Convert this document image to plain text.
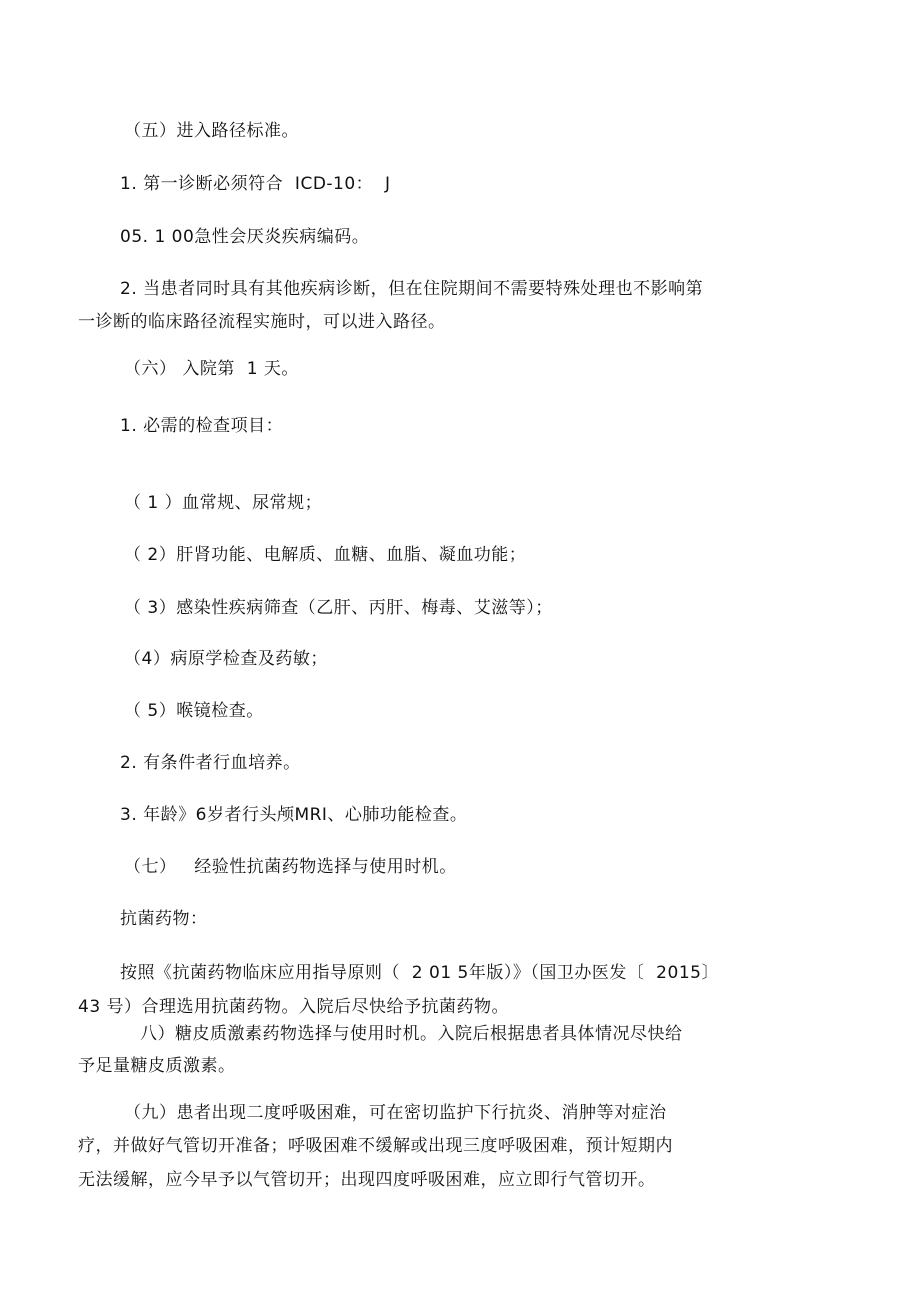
（五）进入路径标准。

1. 第一诊断必须符合  ICD-10：  J

05. 1 00急性会厌炎疾病编码。

2. 当患者同时具有其他疾病诊断，但在住院期间不需要特殊处理也不影响第

一诊断的临床路径流程实施时，可以进入路径。

（六） 入院第  1 天。

1. 必需的检查项目：

（ 1 ）血常规、尿常规；

（ 2）肝肾功能、电解质、血糖、血脂、凝血功能；

（ 3）感染性疾病筛查（乙肝、丙肝、梅毒、艾滋等）；

（4）病原学检查及药敏；

（ 5）喉镜检查。

2. 有条件者行血培养。

3. 年龄》6岁者行头颅MRI、心肺功能检查。

（七）   经验性抗菌药物选择与使用时机。

抗菌药物：

按照《抗菌药物临床应用指导原则（  2 01 5年版）》（国卫办医发〔  2015〕

43 号）合理选用抗菌药物。入院后尽快给予抗菌药物。

八）糖皮质激素药物选择与使用时机。入院后根据患者具体情况尽快给

予足量糖皮质激素。

（九）患者出现二度呼吸困难，可在密切监护下行抗炎、消肿等对症治

疗，并做好气管切开准备；呼吸困难不缓解或出现三度呼吸困难，预计短期内

无法缓解，应今早予以气管切开；出现四度呼吸困难，应立即行气管切开。
